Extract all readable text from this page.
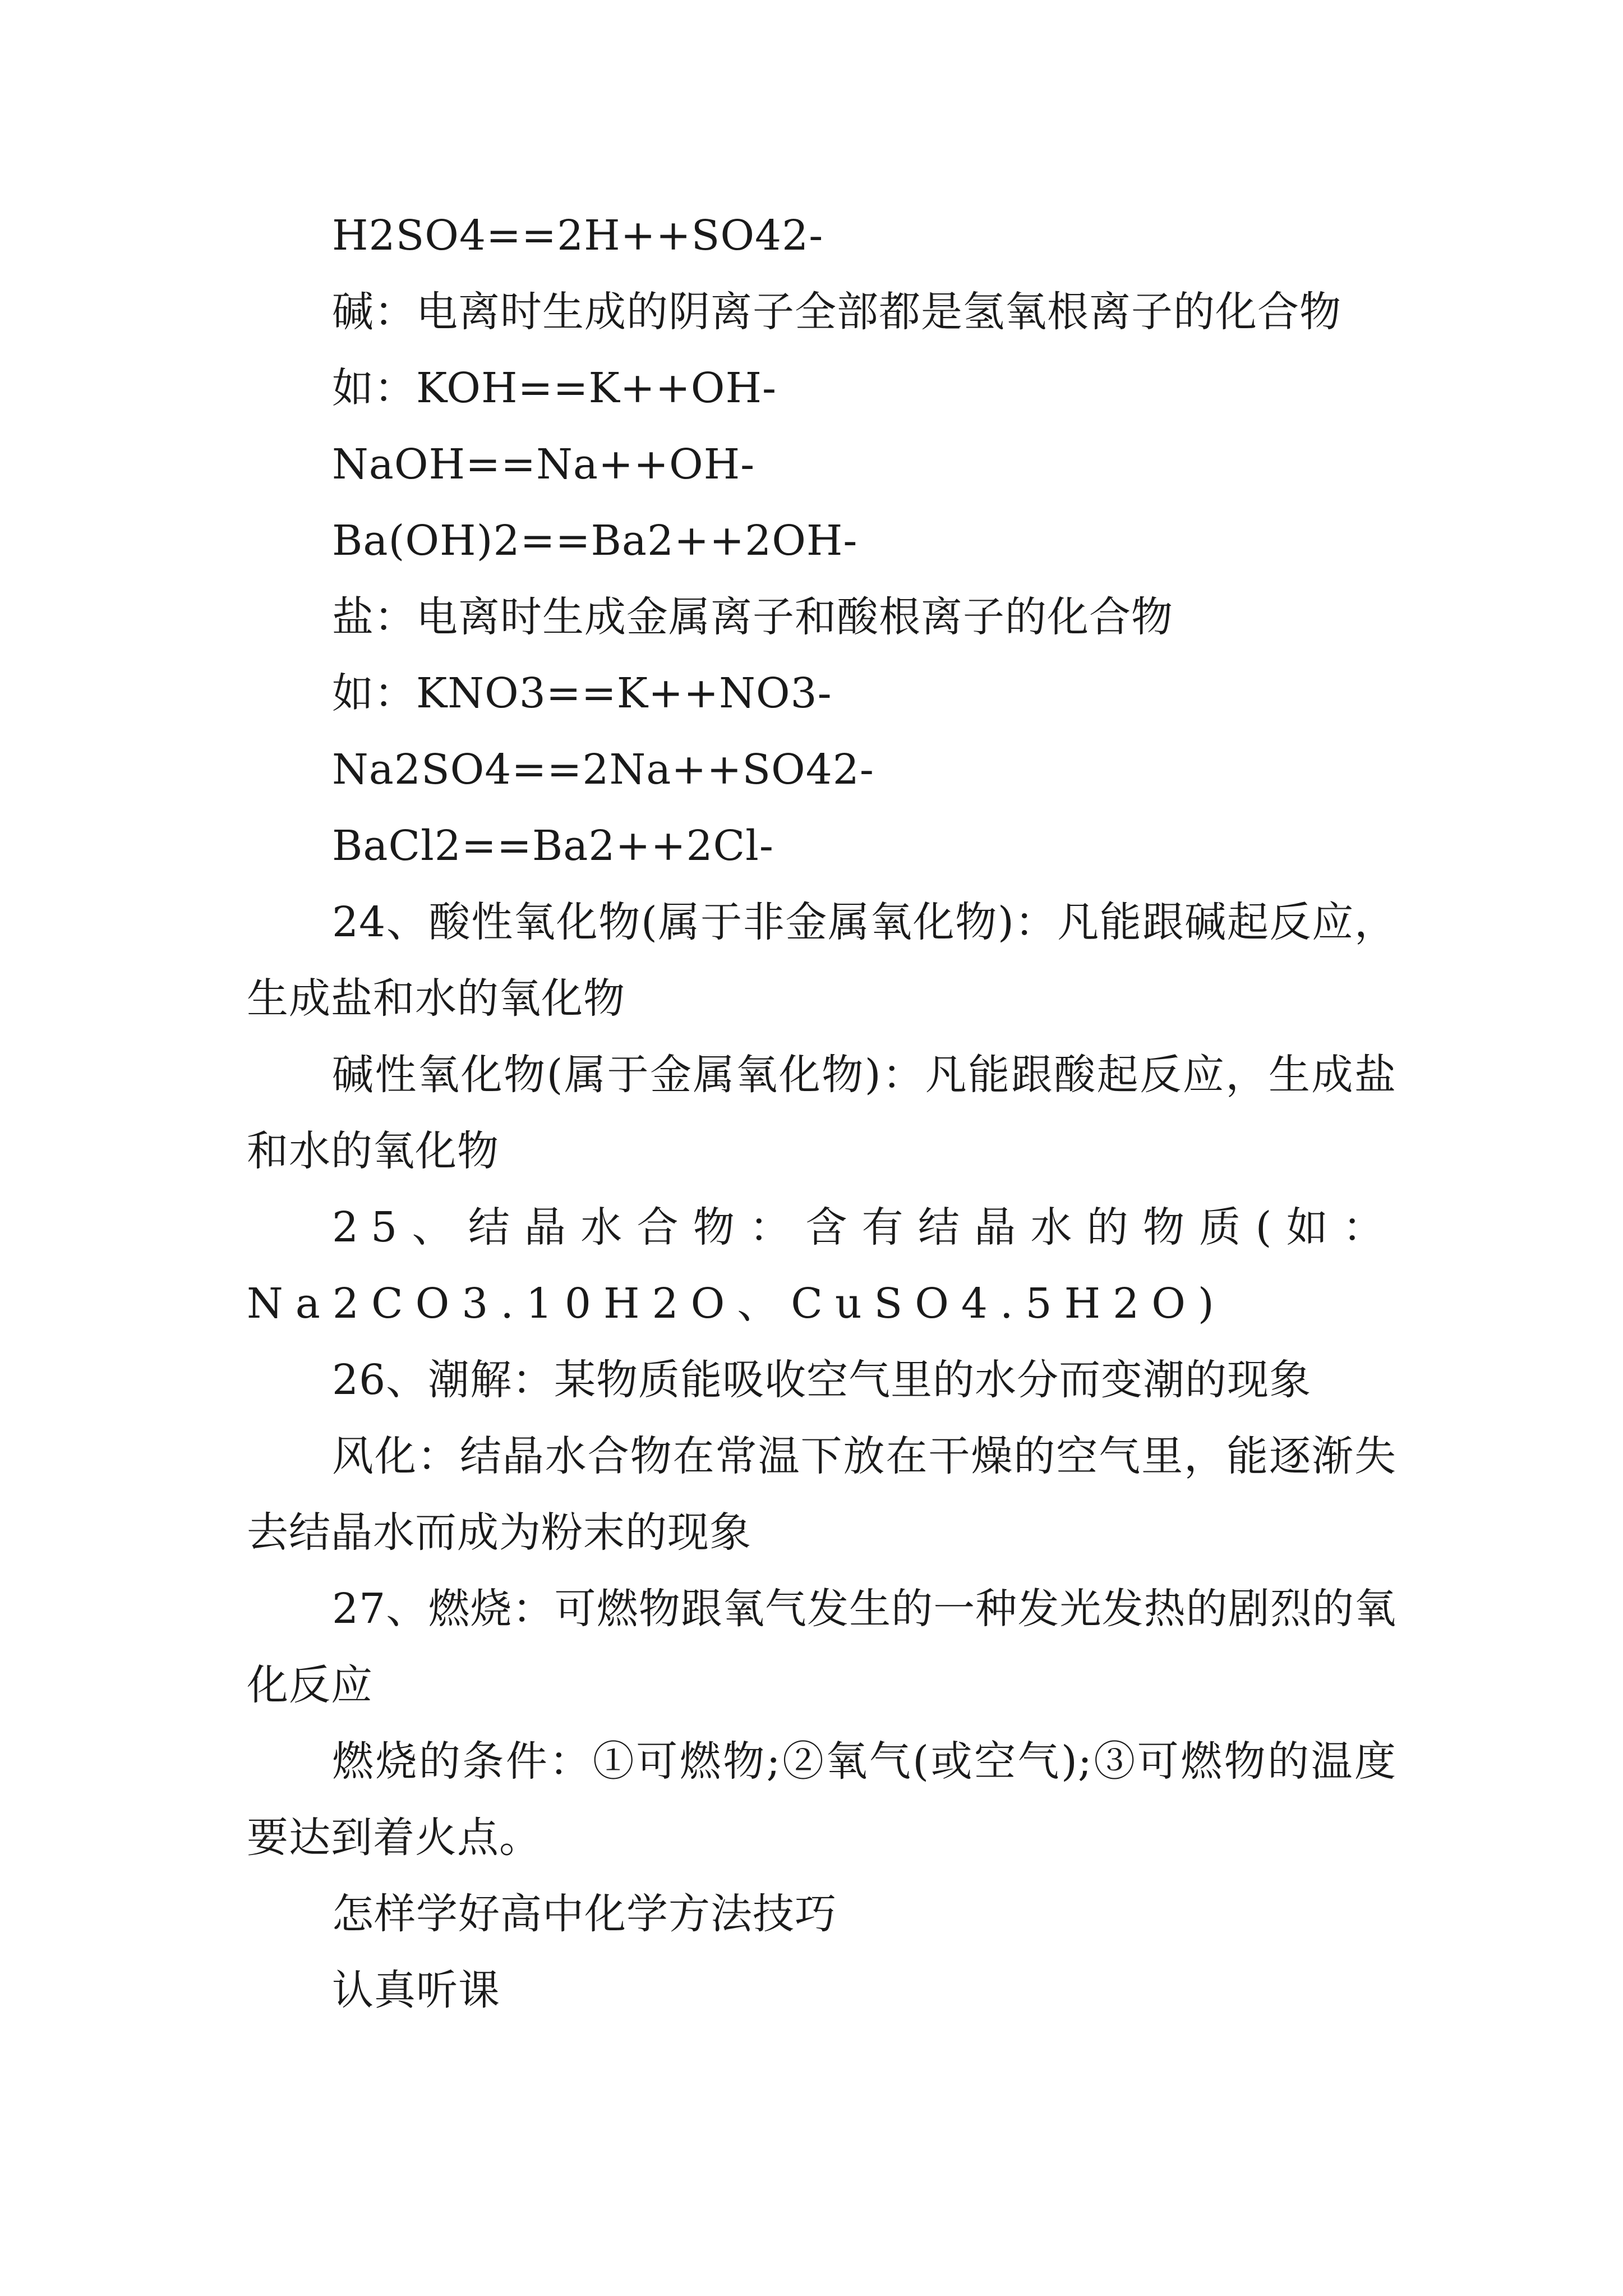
H2SO4==2H++SO42-

碱：电离时生成的阴离子全部都是氢氧根离子的化合物

如：KOH==K++OH-

NaOH==Na++OH-

Ba(OH)2==Ba2++2OH-

盐：电离时生成金属离子和酸根离子的化合物

如：KNO3==K++NO3-

Na2SO4==2Na++SO42-

BaCl2==Ba2++2Cl-

24、酸性氧化物(属于非金属氧化物)：凡能跟碱起反应，生成盐和水的氧化物

碱性氧化物(属于金属氧化物)：凡能跟酸起反应，生成盐和水的氧化物

25、结晶水合物：含有结晶水的物质(如：Na2CO3.10H2O、CuSO4.5H2O)

26、潮解：某物质能吸收空气里的水分而变潮的现象

风化：结晶水合物在常温下放在干燥的空气里，能逐渐失去结晶水而成为粉末的现象

27、燃烧：可燃物跟氧气发生的一种发光发热的剧烈的氧化反应

燃烧的条件：①可燃物;②氧气(或空气);③可燃物的温度要达到着火点。

怎样学好高中化学方法技巧

认真听课
